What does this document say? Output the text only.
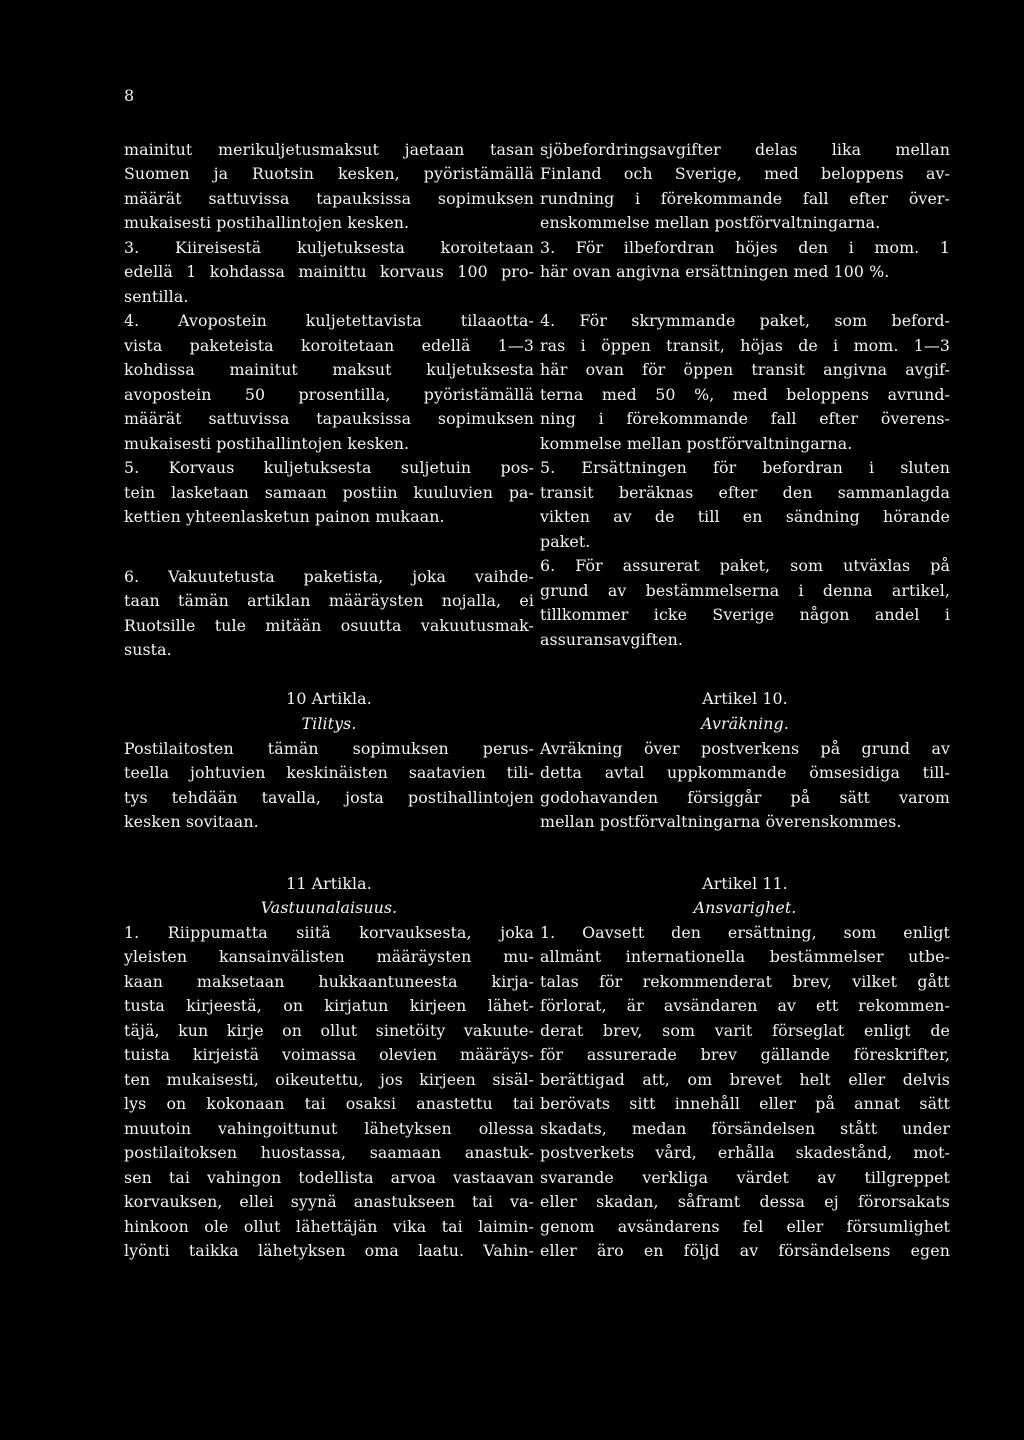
8
mainitut merikuljetusmaksut jaetaan tasan
Suomen ja Ruotsin kesken, pyöristämällä
määrät sattuvissa tapauksissa sopimuksen
mukaisesti postihallintojen kesken.
3. Kiireisestä kuljetuksesta koroitetaan
edellä 1 kohdassa mainittu korvaus 100 pro-
sentilla.
4. Avopostein kuljetettavista tilaaotta-
vista paketeista koroitetaan edellä 1—3
kohdissa mainitut maksut kuljetuksesta
avopostein 50 prosentilla, pyöristämällä
määrät sattuvissa tapauksissa sopimuksen
mukaisesti postihallintojen kesken.
5. Korvaus kuljetuksesta suljetuin pos-
tein lasketaan samaan postiin kuuluvien pa-
kettien yhteenlasketun painon mukaan.
6. Vakuutetusta paketista, joka vaihde-
taan tämän artiklan määräysten nojalla, ei
Ruotsille tule mitään osuutta vakuutusmak-
susta.
10 Artikla.
Tilitys.
Postilaitosten tämän sopimuksen perus-
teella johtuvien keskinäisten saatavien tili-
tys tehdään tavalla, josta postihallintojen
kesken sovitaan.
11 Artikla.
Vastuunalaisuus.
1. Riippumatta siitä korvauksesta, joka
yleisten kansainvälisten määräysten mu-
kaan maksetaan hukkaantuneesta kirja-
tusta kirjeestä, on kirjatun kirjeen lähet-
täjä, kun kirje on ollut sinetöity vakuute-
tuista kirjeistä voimassa olevien määräys-
ten mukaisesti, oikeutettu, jos kirjeen sisäl-
lys on kokonaan tai osaksi anastettu tai
muutoin vahingoittunut lähetyksen ollessa
postilaitoksen huostassa, saamaan anastuk-
sen tai vahingon todellista arvoa vastaavan
korvauksen, ellei syynä anastukseen tai va-
hinkoon ole ollut lähettäjän vika tai laimin-
lyönti taikka lähetyksen oma laatu. Vahin-
sjöbefordringsavgifter delas lika mellan
Finland och Sverige, med beloppens av-
rundning i förekommande fall efter över-
enskommelse mellan postförvaltningarna.
3. För ilbefordran höjes den i mom. 1
här ovan angivna ersättningen med 100 %.
4. För skrymmande paket, som beford-
ras i öppen transit, höjas de i mom. 1—3
här ovan för öppen transit angivna avgif-
terna med 50 %, med beloppens avrund-
ning i förekommande fall efter överens-
kommelse mellan postförvaltningarna.
5. Ersättningen för befordran i sluten
transit beräknas efter den sammanlagda
vikten av de till en sändning hörande
paket.
6. För assurerat paket, som utväxlas på
grund av bestämmelserna i denna artikel,
tillkommer icke Sverige någon andel i
assuransavgiften.
Artikel 10.
Avräkning.
Avräkning över postverkens på grund av
detta avtal uppkommande ömsesidiga till-
godohavanden försiggår på sätt varom
mellan postförvaltningarna överenskommes.
Artikel 11.
Ansvarighet.
1. Oavsett den ersättning, som enligt
allmänt internationella bestämmelser utbe-
talas för rekommenderat brev, vilket gått
förlorat, är avsändaren av ett rekommen-
derat brev, som varit förseglat enligt de
för assurerade brev gällande föreskrifter,
berättigad att, om brevet helt eller delvis
berövats sitt innehåll eller på annat sätt
skadats, medan försändelsen stått under
postverkets vård, erhålla skadestånd, mot-
svarande verkliga värdet av tillgreppet
eller skadan, såframt dessa ej förorsakats
genom avsändarens fel eller försumlighet
eller äro en följd av försändelsens egen
